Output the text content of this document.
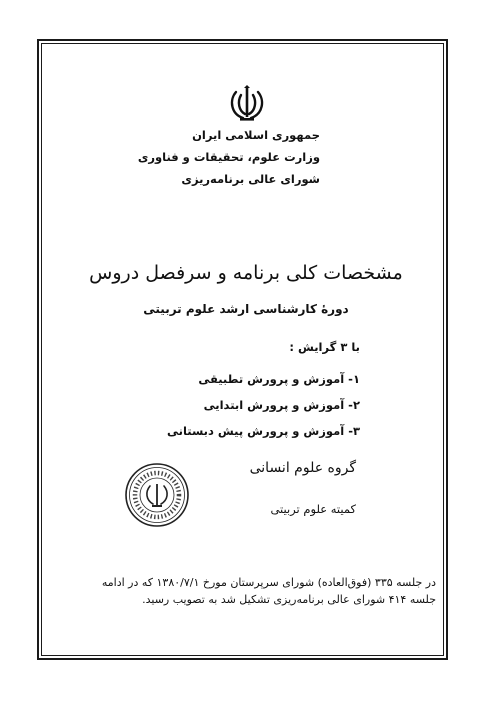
جمهوری اسلامی ایران
وزارت علوم، تحقیقات و فناوری
شورای عالی برنامه‌ریزی
مشخصات کلی برنامه و سرفصل دروس
دورهٔ کارشناسی ارشد علوم تربیتی
با ۳ گرایش :
۱- آموزش و پرورش تطبیقی
۲- آموزش و پرورش ابتدایی
۳- آموزش و پرورش پیش دبستانی
گروه علوم انسانی
کمیته علوم تربیتی
در جلسه ۳۳۵ (فوق‌العاده) شورای سرپرستان مورخ ۱۳۸۰/۷/۱ که در ادامه
جلسه ۴۱۴ شورای عالی برنامه‌ریزی تشکیل شد به تصویب رسید.
